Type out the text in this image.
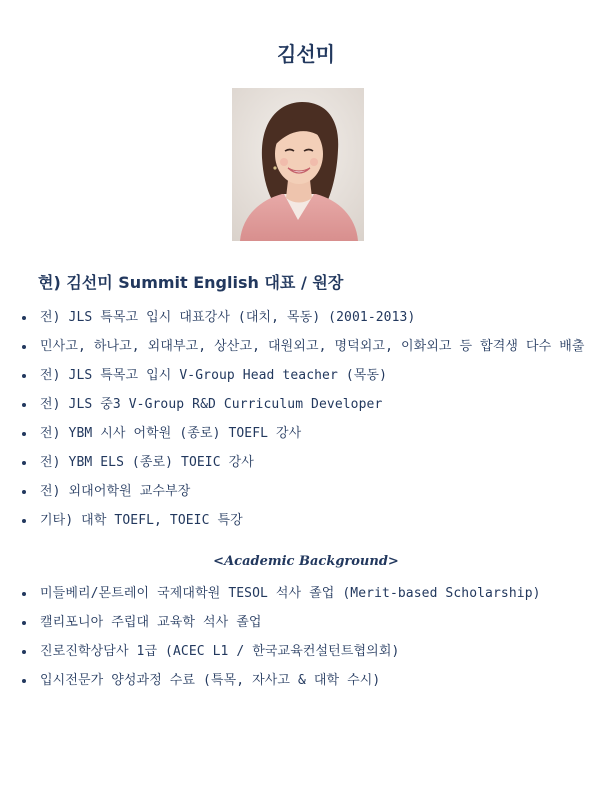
김선미
현) 김선미 Summit English 대표 / 원장
전) JLS 특목고 입시 대표강사 (대치, 목동) (2001-2013)
민사고, 하나고, 외대부고, 상산고, 대원외고, 명덕외고, 이화외고 등 합격생 다수 배출
전) JLS 특목고 입시 V-Group Head teacher (목동)
전) JLS 중3 V-Group R&D Curriculum Developer
전) YBM 시사 어학원 (종로) TOEFL 강사
전) YBM ELS (종로) TOEIC 강사
전) 외대어학원 교수부장
기타) 대학 TOEFL, TOEIC 특강
<Academic Background>
미들베리/몬트레이 국제대학원 TESOL 석사 졸업 (Merit-based Scholarship)
캘리포니아 주립대 교육학 석사 졸업
진로진학상담사 1급 (ACEC L1 / 한국교육컨설턴트협의회)
입시전문가 양성과정 수료 (특목, 자사고 & 대학 수시)
